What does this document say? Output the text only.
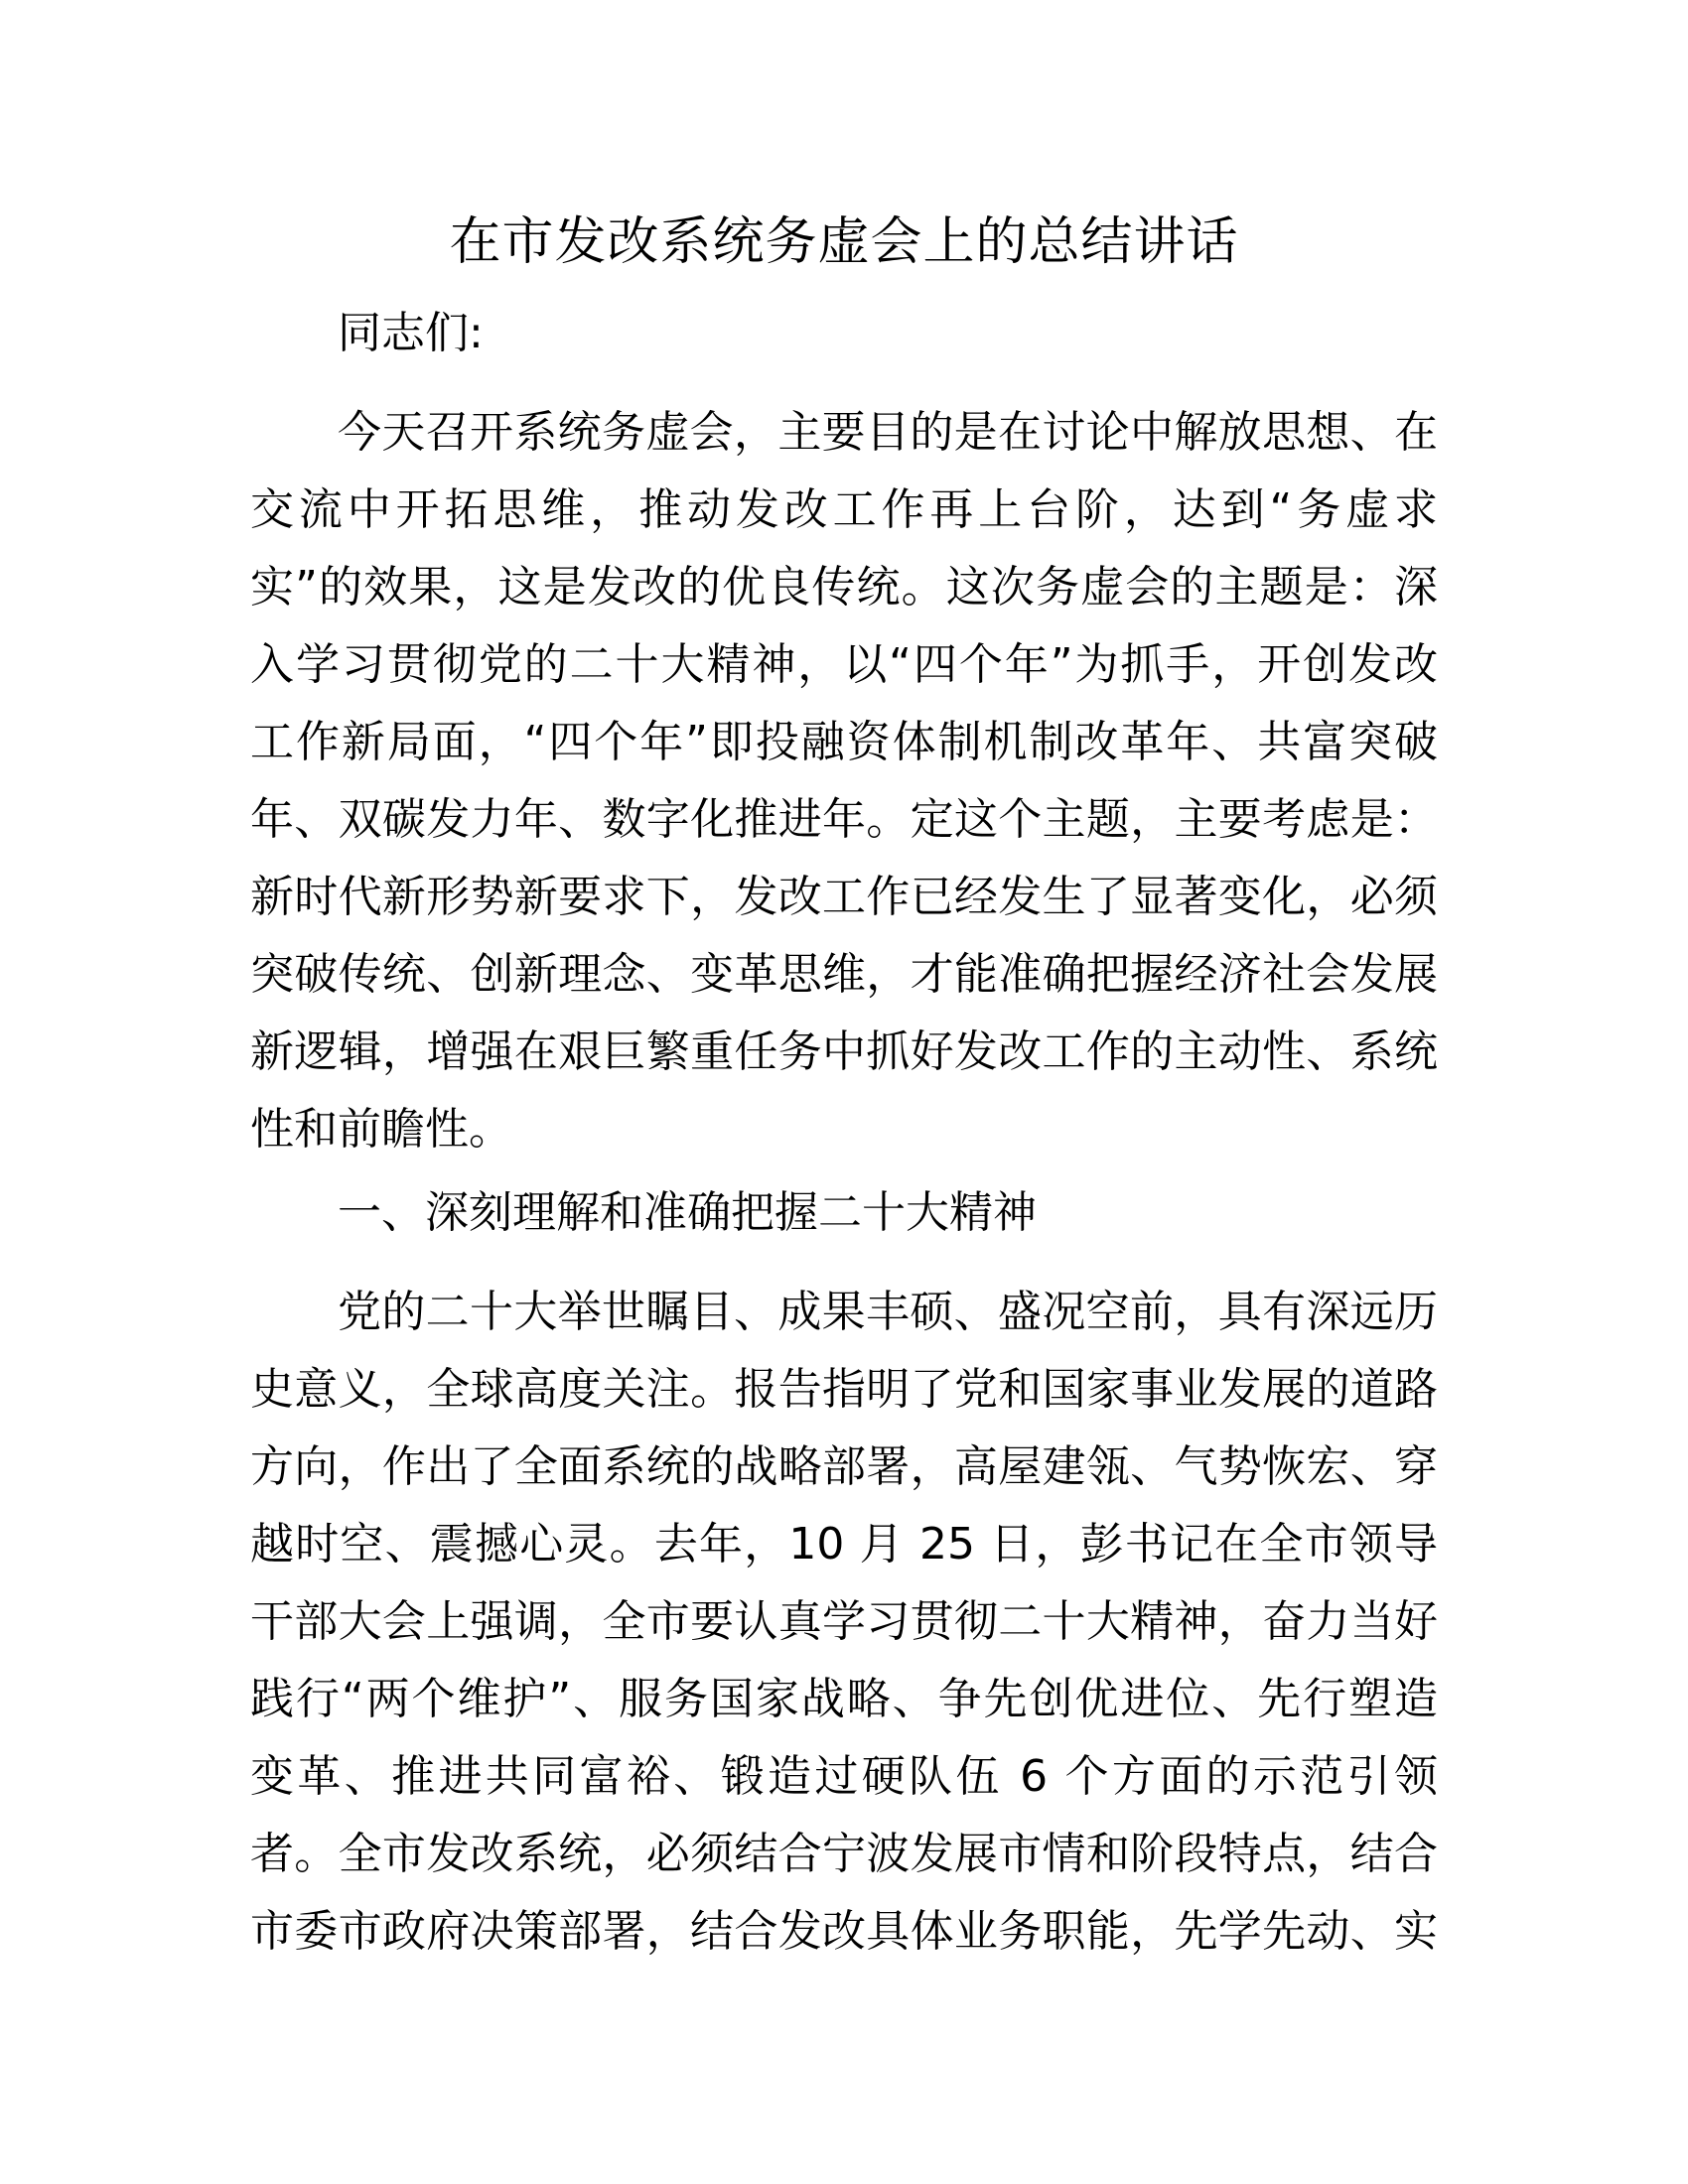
在市发改系统务虚会上的总结讲话

同志们:

今天召开系统务虚会，主要目的是在讨论中解放思想、在

交流中开拓思维，推动发改工作再上台阶，达到“务虚求

实”的效果，这是发改的优良传统。这次务虚会的主题是：深

入学习贯彻党的二十大精神，以“四个年”为抓手，开创发改

工作新局面，“四个年”即投融资体制机制改革年、共富突破

年、双碳发力年、数字化推进年。定这个主题，主要考虑是：

新时代新形势新要求下，发改工作已经发生了显著变化，必须

突破传统、创新理念、变革思维，才能准确把握经济社会发展

新逻辑，增强在艰巨繁重任务中抓好发改工作的主动性、系统

性和前瞻性。

一、深刻理解和准确把握二十大精神

党的二十大举世瞩目、成果丰硕、盛况空前，具有深远历

史意义，全球高度关注。报告指明了党和国家事业发展的道路

方向，作出了全面系统的战略部署，高屋建瓴、气势恢宏、穿

越时空、震撼心灵。去年，10 月 25 日，彭书记在全市领导

干部大会上强调，全市要认真学习贯彻二十大精神，奋力当好

践行“两个维护”、服务国家战略、争先创优进位、先行塑造

变革、推进共同富裕、锻造过硬队伍 6 个方面的示范引领

者。全市发改系统，必须结合宁波发展市情和阶段特点，结合

市委市政府决策部署，结合发改具体业务职能，先学先动、实
